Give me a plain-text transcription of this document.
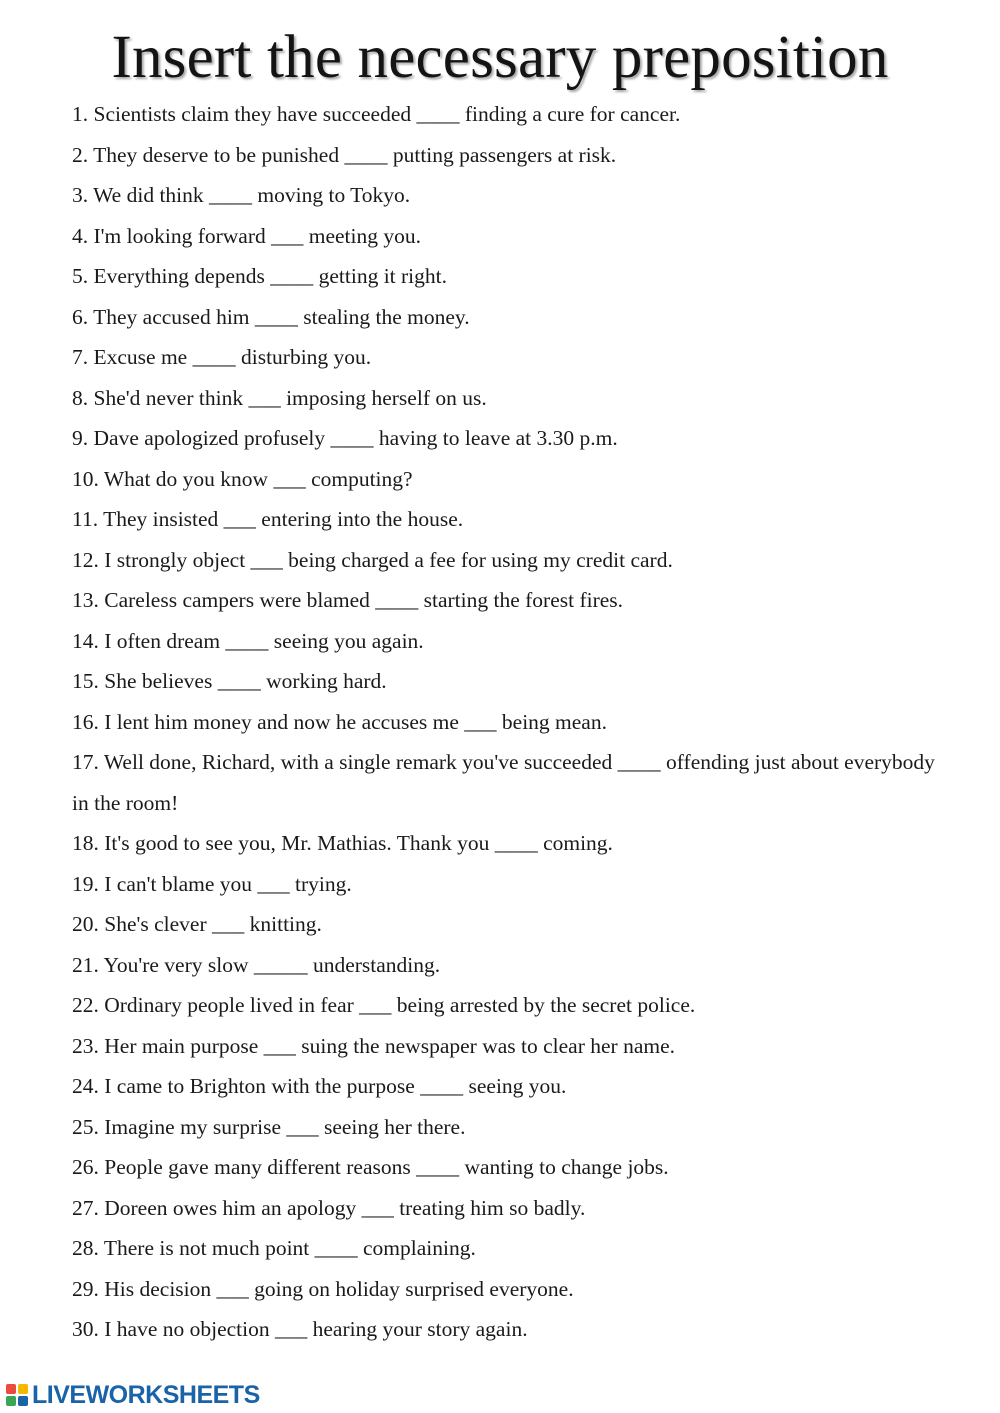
Insert the necessary preposition
1. Scientists claim they have succeeded ____ finding a cure for cancer.
2. They deserve to be punished ____ putting passengers at risk.
3. We did think ____ moving to Tokyo.
4. I'm looking forward ___ meeting you.
5. Everything depends ____ getting it right.
6. They accused him ____ stealing the money.
7. Excuse me ____ disturbing you.
8. She'd never think ___ imposing herself on us.
9. Dave apologized profusely ____ having to leave at 3.30 p.m.
10. What do you know ___ computing?
11. They insisted ___ entering into the house.
12. I strongly object ___ being charged a fee for using my credit card.
13. Careless campers were blamed ____ starting the forest fires.
14. I often dream ____ seeing you again.
15. She believes ____ working hard.
16. I lent him money and now he accuses me ___ being mean.
17. Well done, Richard, with a single remark you've succeeded ____ offending just about everybody in the room!
18. It's good to see you, Mr. Mathias. Thank you ____ coming.
19. I can't blame you ___ trying.
20. She's clever ___ knitting.
21. You're very slow _____ understanding.
22. Ordinary people lived in fear ___ being arrested by the secret police.
23. Her main purpose ___ suing the newspaper was to clear her name.
24. I came to Brighton with the purpose ____ seeing you.
25. Imagine my surprise ___ seeing her there.
26. People gave many different reasons ____ wanting to change jobs.
27. Doreen owes him an apology ___ treating him so badly.
28. There is not much point ____ complaining.
29. His decision ___ going on holiday surprised everyone.
30. I have no objection ___ hearing your story again.
LIVEWORKSHEETS
